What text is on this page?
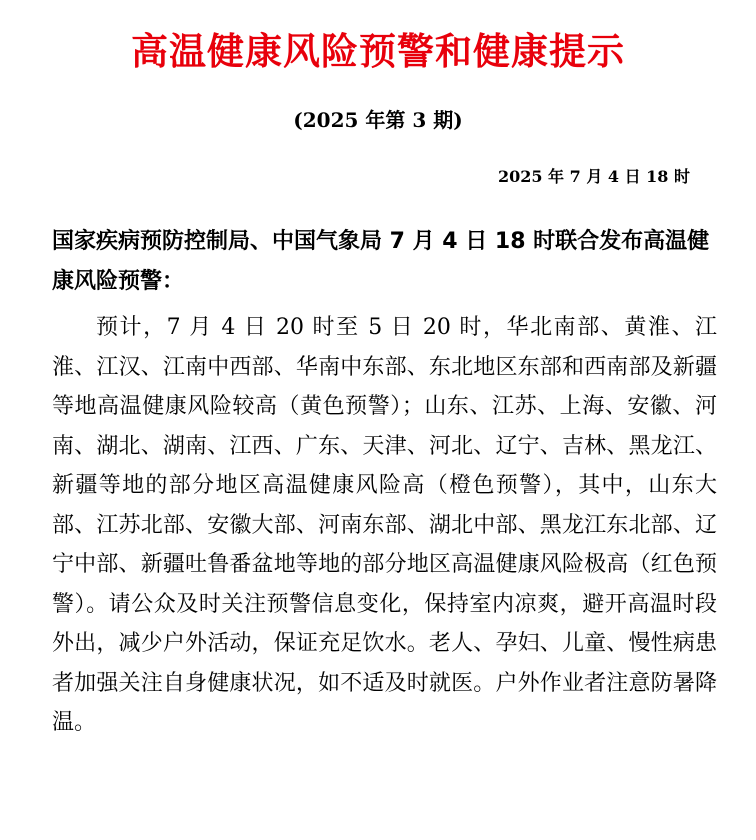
高温健康风险预警和健康提示
(2025 年第 3 期)
2025 年 7 月 4 日 18 时

国家疾病预防控制局、中国气象局 7 月 4 日 18 时联合发布高温健康风险预警：

预计，7 月 4 日 20 时至 5 日 20 时，华北南部、黄淮、江淮、江汉、江南中西部、华南中东部、东北地区东部和西南部及新疆等地高温健康风险较高（黄色预警）；山东、江苏、上海、安徽、河南、湖北、湖南、江西、广东、天津、河北、辽宁、吉林、黑龙江、新疆等地的部分地区高温健康风险高（橙色预警），其中，山东大部、江苏北部、安徽大部、河南东部、湖北中部、黑龙江东北部、辽宁中部、新疆吐鲁番盆地等地的部分地区高温健康风险极高（红色预警）。请公众及时关注预警信息变化，保持室内凉爽，避开高温时段外出，减少户外活动，保证充足饮水。老人、孕妇、儿童、慢性病患者加强关注自身健康状况，如不适及时就医。户外作业者注意防暑降温。
